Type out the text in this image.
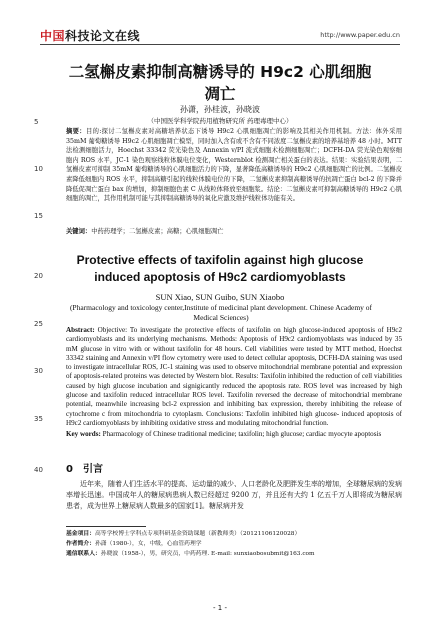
中国科技论文在线	http://www.paper.edu.cn
二氢槲皮素抑制高糖诱导的 H9c2 心肌细胞
凋亡
孙潇，孙桂波，孙晓波
（中国医学科学院药用植物研究所 药理毒理中心）
5
10
15
20
25
30
35
40
摘要：目的:探讨二氢槲皮素对高糖培养状态下诱导 H9c2 心肌细胞凋亡的影响及其相关作用机制。方法：体外采用 35mM 葡萄糖诱导 H9c2 心肌细胞凋亡模型，同时加入含有或不含有不同浓度二氢槲皮素的培养基培养 48 小时。MTT 法检测细胞活力，Hoechst 33342 荧光染色及 Annexin v/PI 流式细胞术检测细胞凋亡；DCFH-DA 荧光染色观察细胞内 ROS 水平，JC-1 染色观察线粒体膜电位变化，Westernblot 检测凋亡相关蛋白的表达。结果：实验结果表明，二氢槲皮素可抑制 35mM 葡萄糖诱导的心肌细胞活力的下降，显著降低高糖诱导的 H9c2 心肌细胞凋亡的比例。二氢槲皮素降低细胞内 ROS 水平，抑制高糖引起的线粒体膜电位的下降，二氢槲皮素抑制高糖诱导的抗凋亡蛋白 bcl-2 的下降并降低促凋亡蛋白 bax 的增加，抑制细胞色素 C 从线粒体释放至细胞浆。结论：二氢槲皮素可抑制高糖诱导的 H9c2 心肌细胞的凋亡，其作用机制可能与其抑制高糖诱导的氧化应激及维护线粒体功能有关。
关键词：中药药理学；二氢槲皮素；高糖；心肌细胞凋亡
Protective effects of taxifolin against high glucose induced apoptosis of H9c2 cardiomyoblasts
SUN Xiao, SUN Guibo, SUN Xiaobo
(Pharmacology and toxicology center,Institute of medicinal plant development. Chinese Academy of Medical Sciences)
Abstract: Objective: To investigate the protective effects of taxifolin on high glucose-induced apoptosis of H9c2 cardiomyoblasts and its underlying mechanisms. Methods: Apoptosis of H9c2 cardiomyoblasts was induced by 35 mM glucose in vitro with or without taxifolin for 48 hours. Cell viabilities were tested by MTT method, Hoechst 33342 staining and Annexin v/PI flow cytometry were used to detect cellular apoptosis, DCFH-DA staining was used to investigate intracellular ROS, JC-1 staining was used to observe mitochondrial membrane potential and expression of apoptosis-related proteins was detected by Western blot. Results: Taxifolin inhibited the reduction of cell viabilities caused by high glucose incubation and signigicantly reduced the apoptosis rate. ROS level was increased by high glucose and taxifolin reduced intracellular ROS level. Taxifolin reversed the decrease of mitochondrial membrane potential, meanwhile increasing bcl-2 expression and inhibiting bax expression, thereby inhibiting the release of cytochrome c from mitochondria to cytoplasm. Conclusions: Taxfolin inhibited high glucose- induced apoptosis of H9c2 cardiomyoblasts by inhibiting oxidative stress and modulating mitochondrial function.
Key words: Pharmacology of Chinese traditional medicine; taxifolin; high glucose; cardiac myocyte apoptosis
0 引言
近年来，随着人们生活水平的提高、运动量的减少、人口老龄化及肥胖发生率的增加，全球糖尿病的发病率增长迅速。中国成年人的糖尿病患病人数已经超过 9200 万，并且还有大约 1 亿五千万人即将成为糖尿病患者，成为世界上糖尿病人数最多的国家[1]。糖尿病并发
基金项目：高等学校博士学科点专项科研基金资助课题（新教师类）（20121106120028）
作者简介：孙潇（1980-），女，中级，心血管药理学
通信联系人：孙晓波（1958-），男，研究员，中药药理. E-mail: sunxiaobosubmit@163.com
- 1 -
